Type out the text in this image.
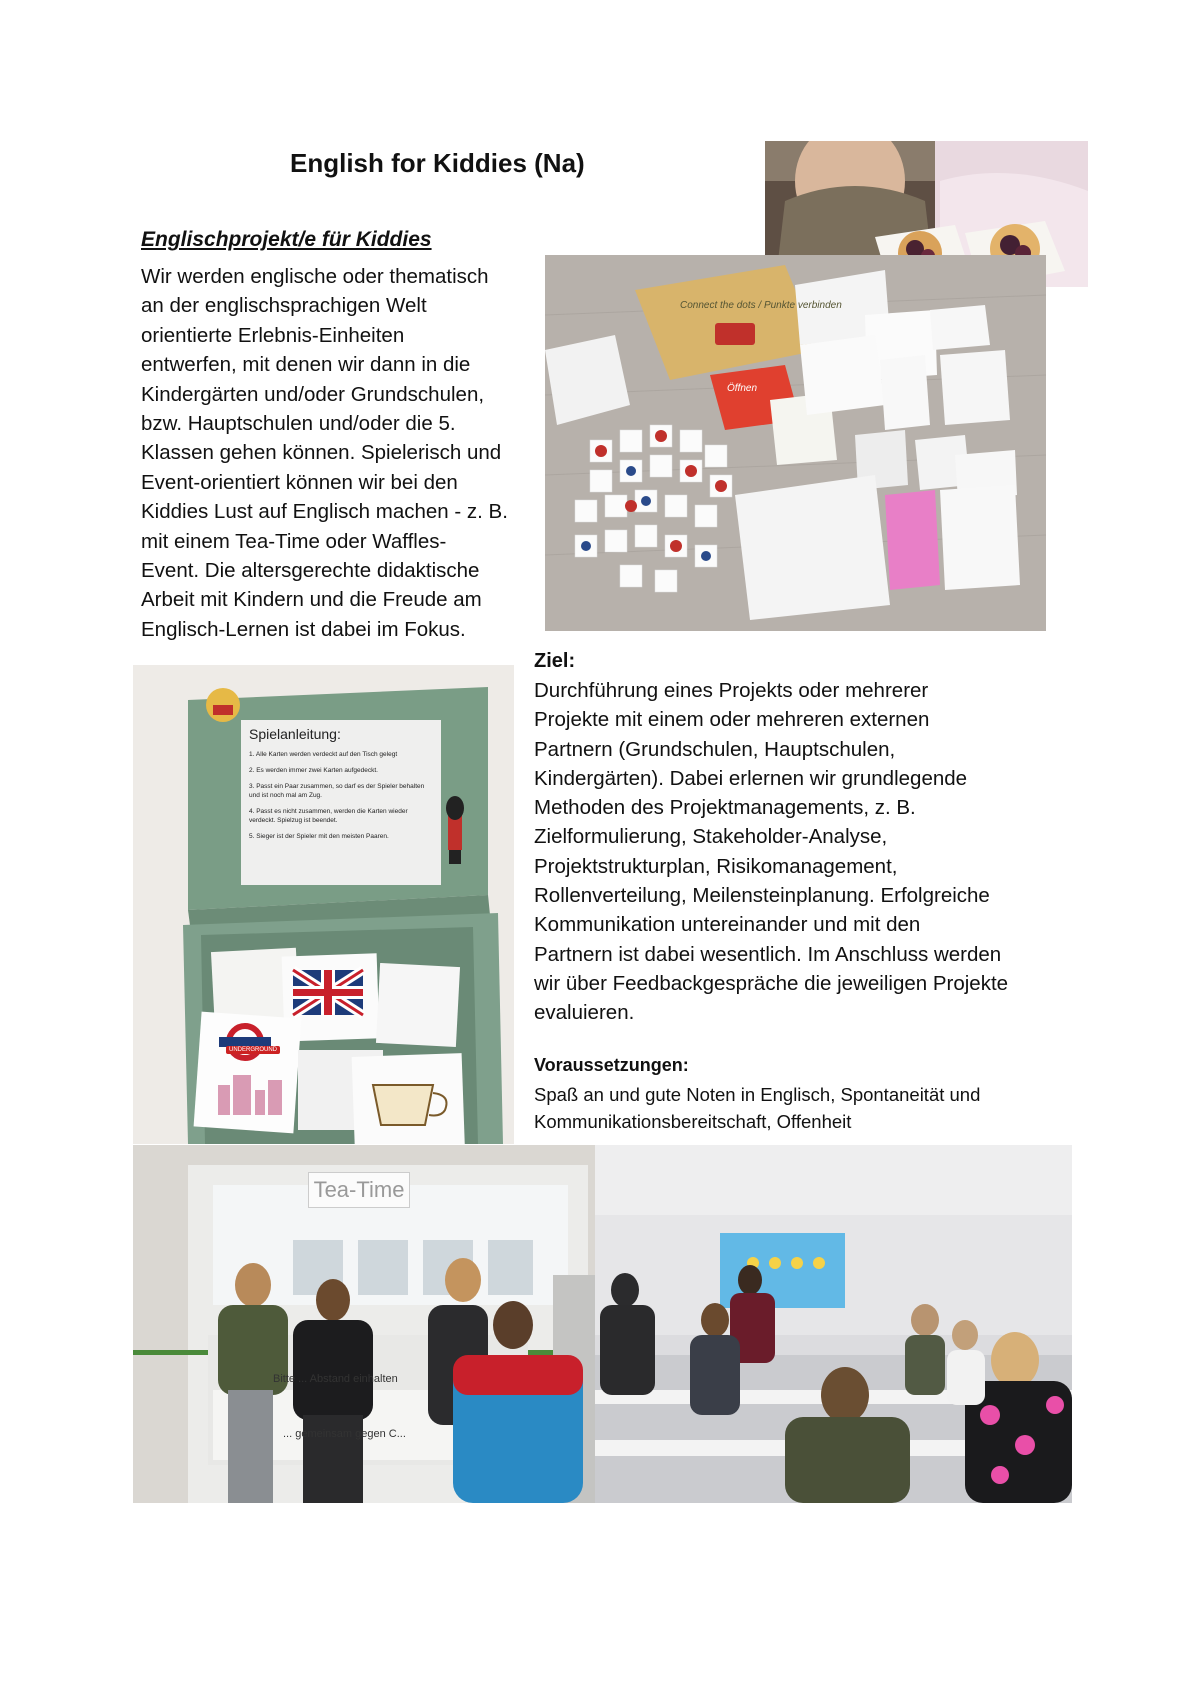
English for Kiddies (Na)
Englischprojekt/e für Kiddies
Wir werden englische oder thematisch
an der englischsprachigen Welt
orientierte Erlebnis-Einheiten
entwerfen, mit denen wir dann in die
Kindergärten und/oder Grundschulen,
bzw. Hauptschulen und/oder die 5.
Klassen gehen können. Spielerisch und
Event-orientiert können wir bei den
Kiddies Lust auf Englisch machen - z. B.
mit einem Tea-Time oder Waffles-
Event. Die altersgerechte didaktische
Arbeit mit Kindern und die Freude am
Englisch-Lernen ist dabei im Fokus.
Ziel:
Durchführung eines Projekts oder mehrerer
Projekte mit einem oder mehreren externen
Partnern (Grundschulen, Hauptschulen,
Kindergärten). Dabei erlernen wir grundlegende
Methoden des Projektmanagements, z. B.
Zielformulierung, Stakeholder-Analyse,
Projektstrukturplan, Risikomanagement,
Rollenverteilung, Meilensteinplanung. Erfolgreiche
Kommunikation untereinander und mit den
Partnern ist dabei wesentlich. Im Anschluss werden
wir über Feedbackgespräche die jeweiligen Projekte
evaluieren.
Voraussetzungen:
Spaß an und gute Noten in Englisch, Spontaneität und
Kommunikationsbereitschaft, Offenheit
Connect the dots / Punkte verbinden
Öffnen
Spielanleitung:
1. Alle Karten werden verdeckt auf den Tisch gelegt
2. Es werden immer zwei Karten aufgedeckt.
3. Passt ein Paar zusammen, so darf es der Spieler behalten und ist noch mal am Zug.
4. Passt es nicht zusammen, werden die Karten wieder verdeckt. Spielzug ist beendet.
5. Sieger ist der Spieler mit den meisten Paaren.
UNDERGROUND
Tea-Time
Bitte ... Abstand einhalten
... gemeinsam gegen C...
